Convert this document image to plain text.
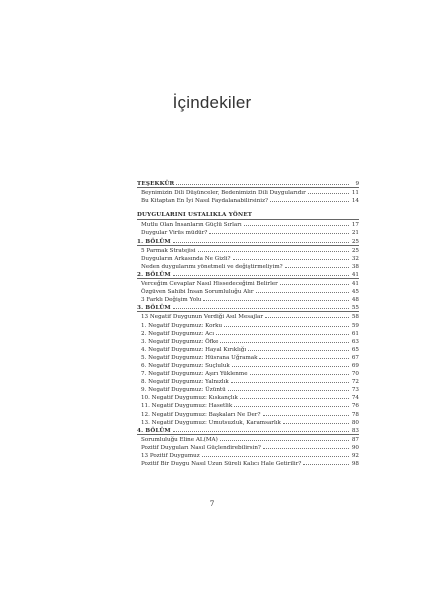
İçindekiler
TEŞEKKÜR	9
Beynimizin Dili Düşünceler, Bedenimizin Dili Duygularıdır	11
Bu Kitaptan En İyi Nasıl Faydalanabilirsiniz?	14
DUYGULARINI USTALIKLA YÖNET
Mutlu Olan İnsanların Güçlü Sırları	17
Duygular Virüs müdür?	21
1. BÖLÜM	25
5 Parmak Stratejisi	25
Duyguların Arkasında Ne Gizli?	32
Neden duygularımı yönetmeli ve değiştirmeliyim?	38
2. BÖLÜM	41
Verceğim Cevaplar Nasıl Hissedeceğimi Belirler	41
Özgüven Sahibi İnsan Sorumluluğu Alır	45
3 Farklı Değişim Yolu	48
3. BÖLÜM	55
13 Negatif Duygunun Verdiği Asıl Mesajlar	58
1. Negatif Duygumuz: Korku	59
2. Negatif Duygumuz: Acı	61
3. Negatif Duygumuz: Öfke	63
4. Negatif Duygumuz: Hayal Kırıklığı	65
5. Negatif Duygumuz: Hüsrana Uğramak	67
6. Negatif Duygumuz: Suçluluk	69
7. Negatif Duygumuz: Aşırı Yüklenme	70
8. Negatif Duygumuz: Yalnızlık	72
9. Negatif Duygumuz: Üzüntü	73
10. Negatif Duygumuz: Kıskançlık	74
11. Negatif Duygumuz: Haset​lik	76
12. Negatif Duygumuz: Başkaları Ne Der?	78
13. Negatif Duygumuz: Umutsuzluk, Karamsarlık	80
4. BÖLÜM	83
Sorumluluğu Eline AL(MA)	87
Pozitif Duyguları Nasıl Güçlendirebilirsin?	90
13 Pozitif Duygumuz	92
Pozitif Bir Duygu Nasıl Uzun Süreli Kalıcı Hale Getirilir?	98
7
